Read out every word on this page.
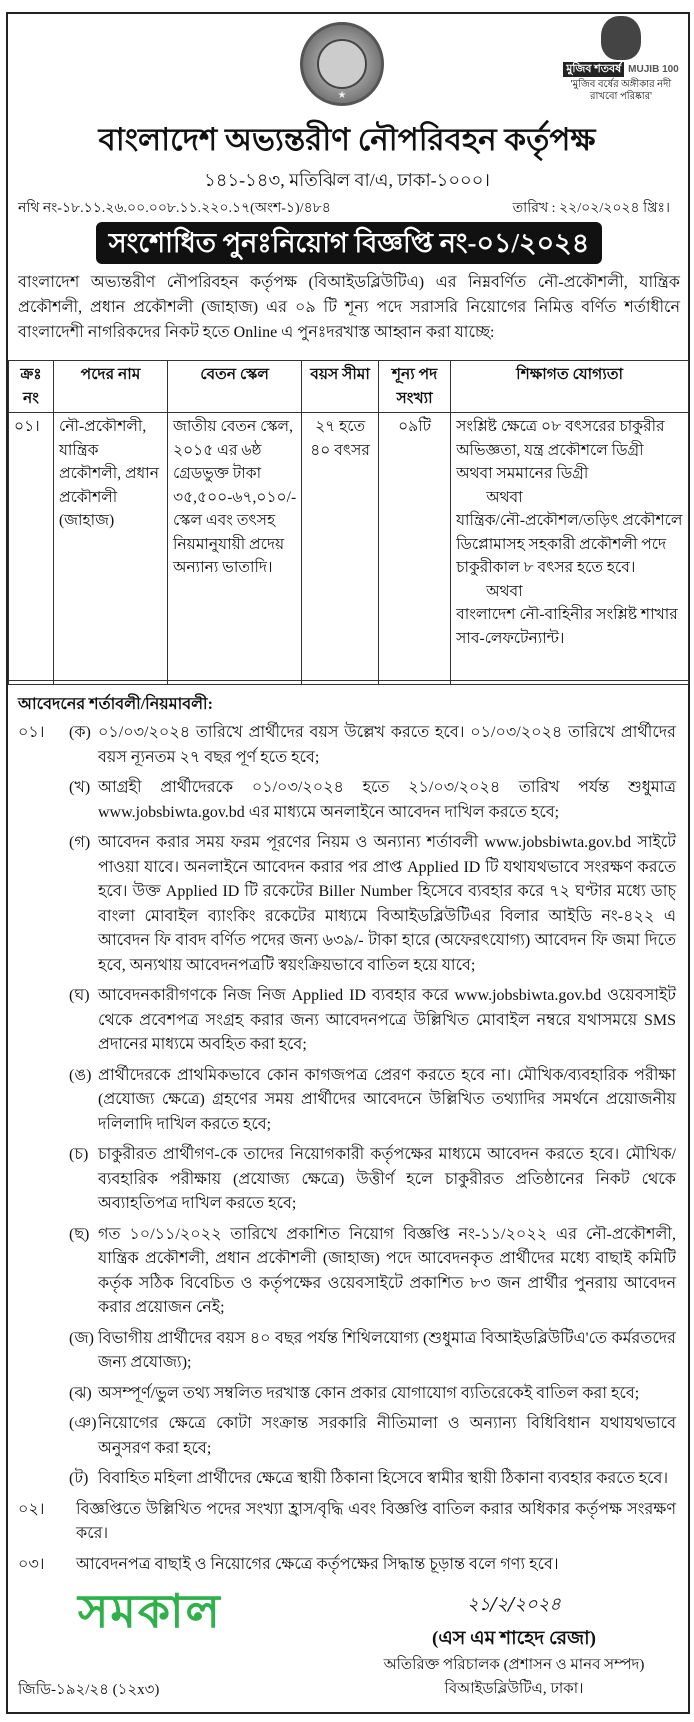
★
মুজিব শতবর্ষ MUJIB 100
'মুজিব বর্ষের অঙ্গীকার নদী রাখবো পরিষ্কার'
বাংলাদেশ অভ্যন্তরীণ নৌপরিবহন কর্তৃপক্ষ
১৪১-১৪৩, মতিঝিল বা/এ, ঢাকা-১০০০।
নথি নং-১৮.১১.২৬.০০.০০৮.১১.২২০.১৭(অংশ-১)/৪৮৪	তারিখ : ২২/০২/২০২৪ খ্রিঃ।
সংশোধিত পুনঃনিয়োগ বিজ্ঞপ্তি নং-০১/২০২৪
বাংলাদেশ অভ্যন্তরীণ নৌপরিবহন কর্তৃপক্ষ (বিআইডব্লিউটিএ) এর নিম্নবর্ণিত নৌ-প্রকৌশলী, যান্ত্রিক প্রকৌশলী, প্রধান প্রকৌশলী (জাহাজ) এর ০৯ টি শূন্য পদে সরাসরি নিয়োগের নিমিত্ত বর্ণিত শর্তাধীনে বাংলাদেশী নাগরিকদের নিকট হতে Online এ পুনঃদরখাস্ত আহ্বান করা যাচ্ছে:
ক্রঃ নং	পদের নাম	বেতন স্কেল	বয়স সীমা	শূন্য পদ সংখ্যা	শিক্ষাগত যোগ্যতা
০১।	নৌ-প্রকৌশলী, যান্ত্রিক প্রকৌশলী, প্রধান প্রকৌশলী (জাহাজ)	জাতীয় বেতন স্কেল, ২০১৫ এর ৬ষ্ঠ গ্রেডভুক্ত টাকা ৩৫,৫০০-৬৭,০১০/- স্কেল এবং তৎসহ নিয়মানুযায়ী প্রদেয় অন্যান্য ভাতাদি।	২৭ হতে ৪০ বৎসর	০৯টি	সংশ্লিষ্ট ক্ষেত্রে ০৮ বৎসরের চাকুরীর অভিজ্ঞতা, যন্ত্র প্রকৌশলে ডিগ্রী অথবা সমমানের ডিগ্রী
অথবা
যান্ত্রিক/নৌ-প্রকৌশল/তড়িৎ প্রকৌশলে ডিপ্লোমাসহ সহকারী প্রকৌশলী পদে চাকুরীকাল ৮ বৎসর হতে হবে।
অথবা
বাংলাদেশ নৌ-বাহিনীর সংশ্লিষ্ট শাখার সাব-লেফটেন্যান্ট।
আবেদনের শর্তাবলী/নিয়মাবলী:
০১। (ক) ০১/০৩/২০২৪ তারিখে প্রার্থীদের বয়স উল্লেখ করতে হবে। ০১/০৩/২০২৪ তারিখে প্রার্থীদের বয়স ন্যূনতম ২৭ বছর পূর্ণ হতে হবে;
(খ) আগ্রহী প্রার্থীদেরকে ০১/০৩/২০২৪ হতে ২১/০৩/২০২৪ তারিখ পর্যন্ত শুধুমাত্র www.jobsbiwta.gov.bd এর মাধ্যমে অনলাইনে আবেদন দাখিল করতে হবে;
(গ) আবেদন করার সময় ফরম পূরণের নিয়ম ও অন্যান্য শর্তাবলী www.jobsbiwta.gov.bd সাইটে পাওয়া যাবে। অনলাইনে আবেদন করার পর প্রাপ্ত Applied ID টি যথাযথভাবে সংরক্ষণ করতে হবে। উক্ত Applied ID টি রকেটের Biller Number হিসেবে ব্যবহার করে ৭২ ঘণ্টার মধ্যে ডাচ্ বাংলা মোবাইল ব্যাংকিং রকেটের মাধ্যমে বিআইডব্লিউটিএর বিলার আইডি নং-৪২২ এ আবেদন ফি বাবদ বর্ণিত পদের জন্য ৬৩৯/- টাকা হারে (অফেরৎযোগ্য) আবেদন ফি জমা দিতে হবে, অন্যথায় আবেদনপত্রটি স্বয়ংক্রিয়ভাবে বাতিল হয়ে যাবে;
(ঘ) আবেদনকারীগণকে নিজ নিজ Applied ID ব্যবহার করে www.jobsbiwta.gov.bd ওয়েবসাইট থেকে প্রবেশপত্র সংগ্রহ করার জন্য আবেদনপত্রে উল্লিখিত মোবাইল নম্বরে যথাসময়ে SMS প্রদানের মাধ্যমে অবহিত করা হবে;
(ঙ) প্রার্থীদেরকে প্রাথমিকভাবে কোন কাগজপত্র প্রেরণ করতে হবে না। মৌখিক/ব্যবহারিক পরীক্ষা (প্রযোজ্য ক্ষেত্রে) গ্রহণের সময় প্রার্থীদের আবেদনে উল্লিখিত তথ্যাদির সমর্থনে প্রয়োজনীয় দলিলাদি দাখিল করতে হবে;
(চ) চাকুরীরত প্রার্থীগণ-কে তাদের নিয়োগকারী কর্তৃপক্ষের মাধ্যমে আবেদন করতে হবে। মৌখিক/ব্যবহারিক পরীক্ষায় (প্রযোজ্য ক্ষেত্রে) উত্তীর্ণ হলে চাকুরীরত প্রতিষ্ঠানের নিকট থেকে অব্যাহতিপত্র দাখিল করতে হবে;
(ছ) গত ১০/১১/২০২২ তারিখে প্রকাশিত নিয়োগ বিজ্ঞপ্তি নং-১১/২০২২ এর নৌ-প্রকৌশলী, যান্ত্রিক প্রকৌশলী, প্রধান প্রকৌশলী (জাহাজ) পদে আবেদনকৃত প্রার্থীদের মধ্যে বাছাই কমিটি কর্তৃক সঠিক বিবেচিত ও কর্তৃপক্ষের ওয়েবসাইটে প্রকাশিত ৮৩ জন প্রার্থীর পুনরায় আবেদন করার প্রয়োজন নেই;
(জ) বিভাগীয় প্রার্থীদের বয়স ৪০ বছর পর্যন্ত শিথিলযোগ্য (শুধুমাত্র বিআইডব্লিউটিএ'তে কর্মরতদের জন্য প্রযোজ্য);
(ঝ) অসম্পূর্ণ/ভুল তথ্য সম্বলিত দরখাস্ত কোন প্রকার যোগাযোগ ব্যতিরেকেই বাতিল করা হবে;
(ঞ) নিয়োগের ক্ষেত্রে কোটা সংক্রান্ত সরকারি নীতিমালা ও অন্যান্য বিধিবিধান যথাযথভাবে অনুসরণ করা হবে;
(ট) বিবাহিত মহিলা প্রার্থীদের ক্ষেত্রে স্থায়ী ঠিকানা হিসেবে স্বামীর স্থায়ী ঠিকানা ব্যবহার করতে হবে।
০২। বিজ্ঞপ্তিতে উল্লিখিত পদের সংখ্যা হ্রাস/বৃদ্ধি এবং বিজ্ঞপ্তি বাতিল করার অধিকার কর্তৃপক্ষ সংরক্ষণ করে।
০৩। আবেদনপত্র বাছাই ও নিয়োগের ক্ষেত্রে কর্তৃপক্ষের সিদ্ধান্ত চূড়ান্ত বলে গণ্য হবে।
সমকাল
জিডি-১৯২/২৪ (১২x৩)
২১/২/২০২৪
(এস এম শাহেদ রেজা)
অতিরিক্ত পরিচালক (প্রশাসন ও মানব সম্পদ)
বিআইডব্লিউটিএ, ঢাকা।
